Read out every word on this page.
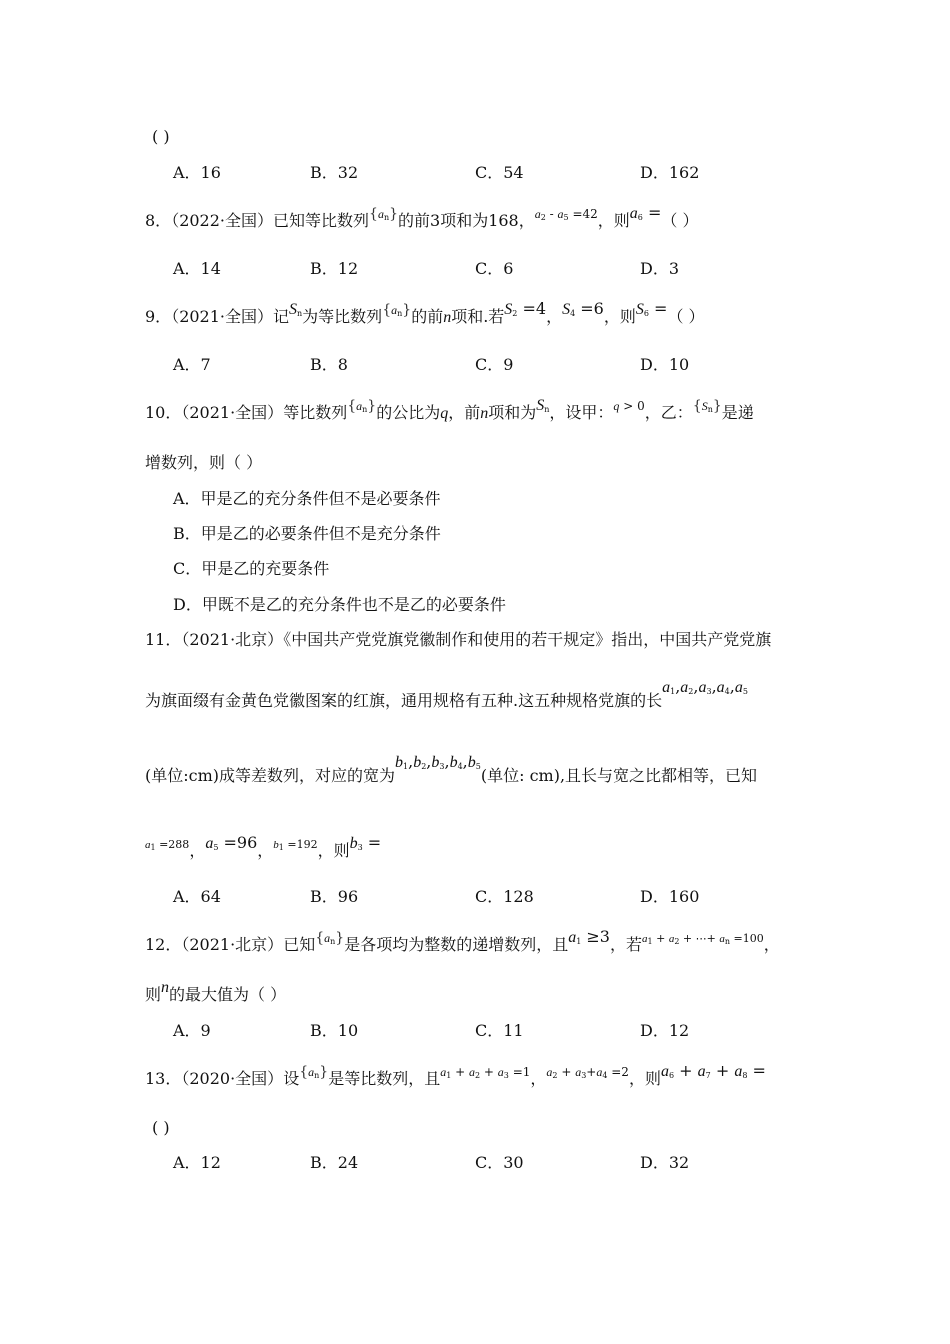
( )
A．16	B．32	C．54	D．162
8．（2022·全国）已知等比数列$\{a_n\}$的前3项和为168，$^{a_2 - a_5 =42}$，则$a_6$ =（ ）
A．14	B．12	C．6	D．3
9．（2021·全国）记$S_n$为等比数列$\{a_n\}$的前n项和.若$S_2 =4$，$S_4 =6$，则$S_6$ =（ ）
A．7	B．8	C．9	D．10
10．（2021·全国）等比数列$\{a_n\}$的公比为q，前n项和为$S_n$，设甲：$^{q > 0}$，乙：$\{S_n\}$是递
增数列，则（ ）
A．甲是乙的充分条件但不是必要条件
B．甲是乙的必要条件但不是充分条件
C．甲是乙的充要条件
D．甲既不是乙的充分条件也不是乙的必要条件
11．（2021·北京）《中国共产党党旗党徽制作和使用的若干规定》指出，中国共产党党旗
为旗面缀有金黄色党徽图案的红旗，通用规格有五种.这五种规格党旗的长$a_1,a_2,a_3,a_4,a_5$
(单位:cm)成等差数列，对应的宽为$b_1,b_2,b_3,b_4,b_5$(单位: cm),且长与宽之比都相等，已知
$^{a_1 =288}$，$a_5 =96$，$^{b_1 =192}$，则$b_3$ =
A．64	B．96	C．128	D．160
12．（2021·北京）已知$\{a_n\}$是各项均为整数的递增数列，且$a_1 \ge 3$，若$^{a_1 + a_2 + \cdots+ a_n =100}$，
则n的最大值为（ ）
A．9	B．10	C．11	D．12
13．（2020·全国）设$\{a_n\}$是等比数列，且$^{a_1 + a_2 + a_3 =1}$，$^{a_2 + a_3+a_4 =2}$，则$a_6 + a_7 + a_8$ =
( )
A．12	B．24	C．30	D．32
